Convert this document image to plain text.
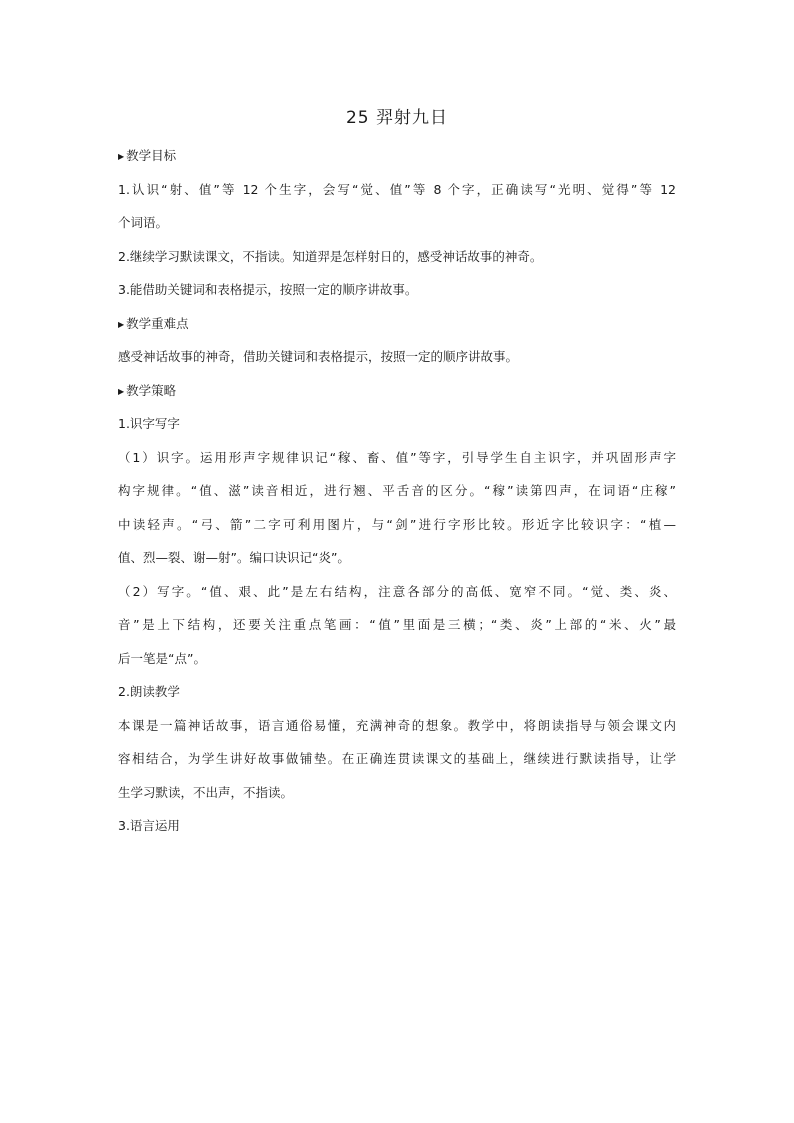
25 羿射九日
▶ 教学目标
1.认识“射、值”等 12 个生字，会写“觉、值”等 8 个字，正确读写“光明、觉得”等 12
个词语。
2.继续学习默读课文，不指读。知道羿是怎样射日的，感受神话故事的神奇。
3.能借助关键词和表格提示，按照一定的顺序讲故事。
▶ 教学重难点
感受神话故事的神奇，借助关键词和表格提示，按照一定的顺序讲故事。
▶ 教学策略
1.识字写字
（1）识字。运用形声字规律识记“稼、畜、值”等字，引导学生自主识字，并巩固形声字
构字规律。“值、滋”读音相近，进行翘、平舌音的区分。“稼”读第四声，在词语“庄稼”
中读轻声。“弓、箭”二字可利用图片，与“剑”进行字形比较。形近字比较识字：“植—
值、烈—裂、谢—射”。编口诀识记“炎”。
（2）写字。“值、艰、此”是左右结构，注意各部分的高低、宽窄不同。“觉、类、炎、
音”是上下结构，还要关注重点笔画：“值”里面是三横；“类、炎”上部的“米、火”最
后一笔是“点”。
2.朗读教学
本课是一篇神话故事，语言通俗易懂，充满神奇的想象。教学中，将朗读指导与领会课文内
容相结合，为学生讲好故事做铺垫。在正确连贯读课文的基础上，继续进行默读指导，让学
生学习默读，不出声，不指读。
3.语言运用
